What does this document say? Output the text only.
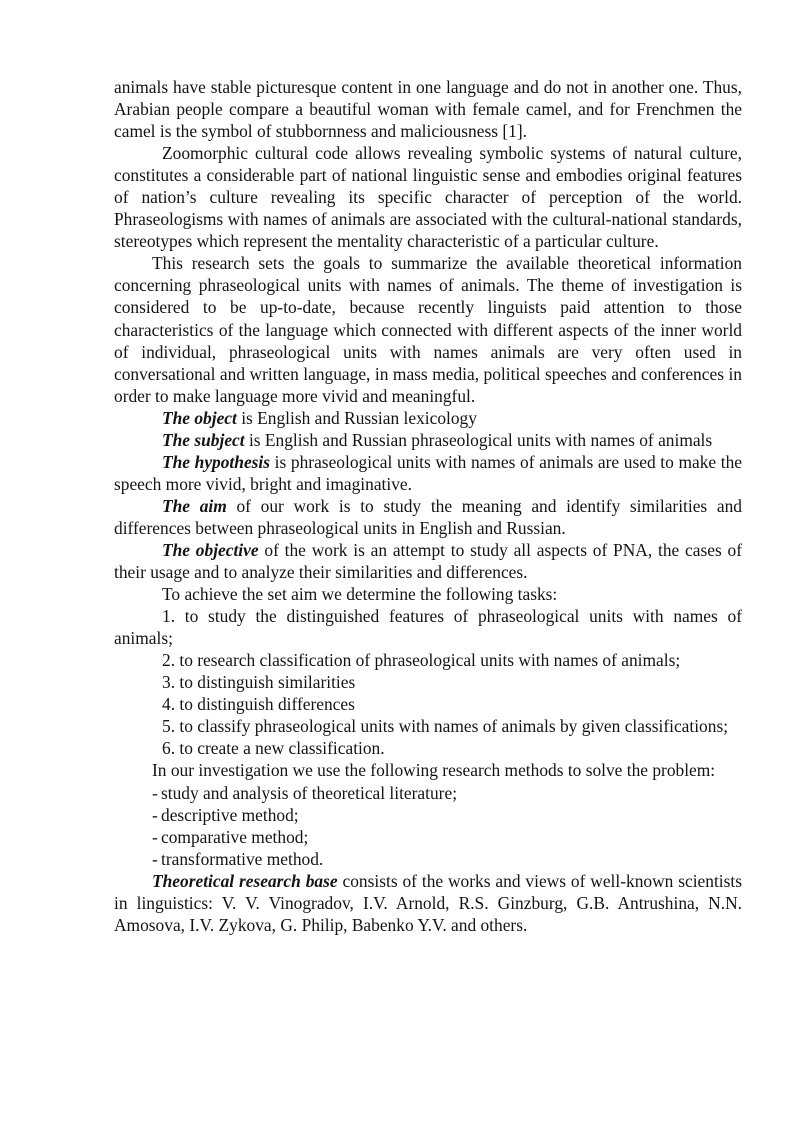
animals have stable picturesque content in one language and do not in another one. Thus, Arabian people compare a beautiful woman with female camel, and for Frenchmen the camel is the symbol of stubbornness and maliciousness [1].

Zoomorphic cultural code allows revealing symbolic systems of natural culture, constitutes a considerable part of national linguistic sense and embodies original features of nation’s culture revealing its specific character of perception of the world. Phraseologisms with names of animals are associated with the cultural-national standards, stereotypes which represent the mentality characteristic of a particular culture.

This research sets the goals to summarize the available theoretical information concerning phraseological units with names of animals. The theme of investigation is considered to be up-to-date, because recently linguists paid attention to those characteristics of the language which connected with different aspects of the inner world of individual, phraseological units with names animals are very often used in conversational and written language, in mass media, political speeches and conferences in order to make language more vivid and meaningful.

The object is English and Russian lexicology

The subject is English and Russian phraseological units with names of animals

The hypothesis is phraseological units with names of animals are used to make the speech more vivid, bright and imaginative.

The aim of our work is to study the meaning and identify similarities and differences between phraseological units in English and Russian.

The objective of the work is an attempt to study all aspects of PNA, the cases of their usage and to analyze their similarities and differences.

To achieve the set aim we determine the following tasks:

1. to study the distinguished features of phraseological units with names of animals;

2. to research classification of phraseological units with names of animals;

3. to distinguish similarities

4. to distinguish differences

5. to classify phraseological units with names of animals by given classifications;

6. to create a new classification.

In our investigation we use the following research methods to solve the problem:

- study and analysis of theoretical literature;

- descriptive method;

- comparative method;

- transformative method.

Theoretical research base consists of the works and views of well-known scientists in linguistics: V. V. Vinogradov, I.V. Arnold, R.S. Ginzburg, G.B. Antrushina, N.N. Amosova, I.V. Zykova, G. Philip, Babenko Y.V. and others.
